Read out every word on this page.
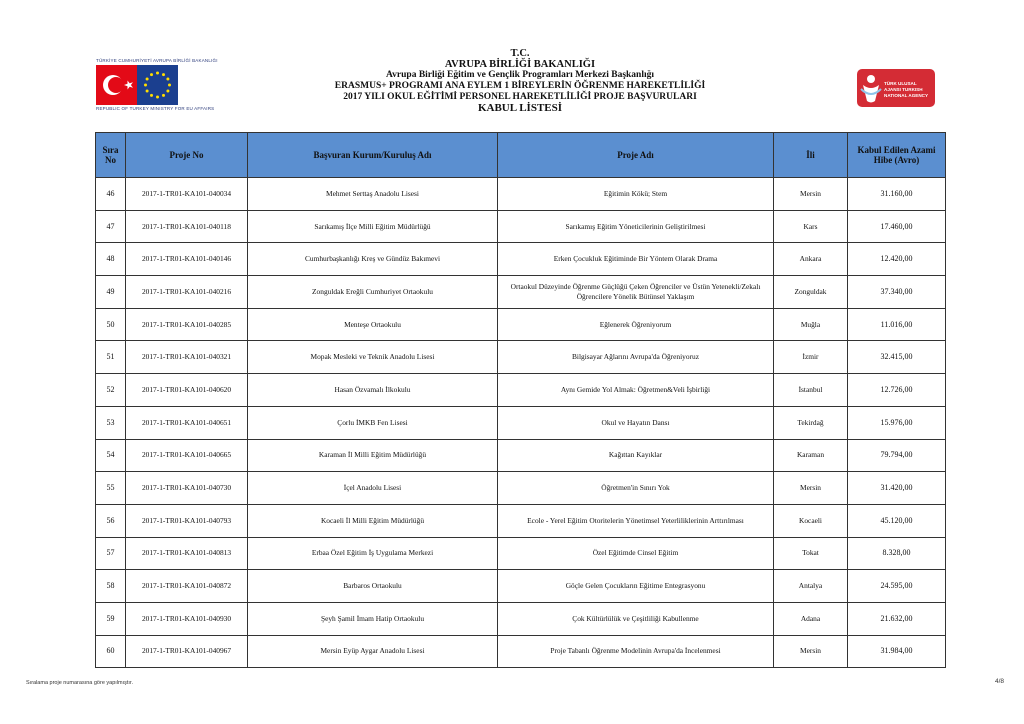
TÜRKİYE CUMHURİYETİ AVRUPA BİRLİĞİ BAKANLIĞI
REPUBLIC OF TURKEY MINISTRY FOR EU AFFAIRS
TÜRK ULUSAL AJANSI TURKISH NATIONAL AGENCY
T.C.
AVRUPA BİRLİĞİ BAKANLIĞI
Avrupa Birliği Eğitim ve Gençlik Programları Merkezi Başkanlığı
ERASMUS+ PROGRAMI ANA EYLEM 1 BİREYLERİN ÖĞRENME HAREKETLİLİĞİ
2017 YILI OKUL EĞİTİMİ PERSONEL HAREKETLİLİĞİ PROJE BAŞVURULARI
KABUL LİSTESİ
Sıra No	Proje No	Başvuran Kurum/Kuruluş Adı	Proje Adı	İli	Kabul Edilen Azami Hibe (Avro)
46	2017-1-TR01-KA101-040034	Mehmet Serttaş Anadolu Lisesi	Eğitimin Kökü; Stem	Mersin	31.160,00
47	2017-1-TR01-KA101-040118	Sarıkamış İlçe Milli Eğitim Müdürlüğü	Sarıkamış Eğitim Yöneticilerinin Geliştirilmesi	Kars	17.460,00
48	2017-1-TR01-KA101-040146	Cumhurbaşkanlığı Kreş ve Gündüz Bakımevi	Erken Çocukluk Eğitiminde Bir Yöntem Olarak Drama	Ankara	12.420,00
49	2017-1-TR01-KA101-040216	Zonguldak Ereğli Cumhuriyet Ortaokulu	Ortaokul Düzeyinde Öğrenme Güçlüğü Çeken Öğrenciler ve Üstün Yetenekli/Zekalı Öğrencilere Yönelik Bütünsel Yaklaşım	Zonguldak	37.340,00
50	2017-1-TR01-KA101-040285	Menteşe Ortaokulu	Eğlenerek Öğreniyorum	Muğla	11.016,00
51	2017-1-TR01-KA101-040321	Mopak Mesleki ve Teknik Anadolu Lisesi	Bilgisayar Ağlarını Avrupa'da Öğreniyoruz	İzmir	32.415,00
52	2017-1-TR01-KA101-040620	Hasan Özvamalı İlkokulu	Aynı Gemide Yol Almak: Öğretmen&Veli İşbirliği	İstanbul	12.726,00
53	2017-1-TR01-KA101-040651	Çorlu İMKB Fen Lisesi	Okul ve Hayatın Dansı	Tekirdağ	15.976,00
54	2017-1-TR01-KA101-040665	Karaman İl Milli Eğitim Müdürlüğü	Kağıttan Kayıklar	Karaman	79.794,00
55	2017-1-TR01-KA101-040730	İçel Anadolu Lisesi	Öğretmen'in Sınırı Yok	Mersin	31.420,00
56	2017-1-TR01-KA101-040793	Kocaeli İl Milli Eğitim Müdürlüğü	Ecole - Yerel Eğitim Otoritelerin Yönetimsel Yeterliliklerinin Arttırılması	Kocaeli	45.120,00
57	2017-1-TR01-KA101-040813	Erbaa Özel Eğitim İş Uygulama Merkezi	Özel Eğitimde Cinsel Eğitim	Tokat	8.328,00
58	2017-1-TR01-KA101-040872	Barbaros Ortaokulu	Göçle Gelen Çocukların Eğitime Entegrasyonu	Antalya	24.595,00
59	2017-1-TR01-KA101-040930	Şeyh Şamil İmam Hatip Ortaokulu	Çok Kültürlülük ve Çeşitliliği Kabullenme	Adana	21.632,00
60	2017-1-TR01-KA101-040967	Mersin Eyüp Aygar Anadolu Lisesi	Proje Tabanlı Öğrenme Modelinin Avrupa'da İncelenmesi	Mersin	31.984,00
Sıralama proje numarasına göre yapılmıştır.	4/8
